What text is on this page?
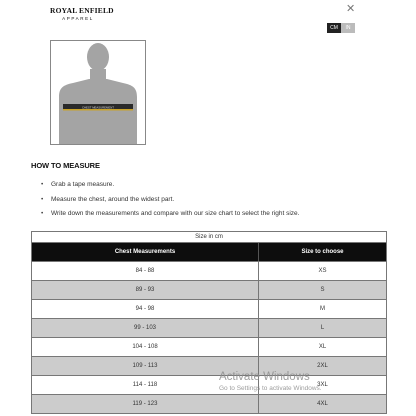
ROYAL ENFIELD
APPAREL
✕
CM	IN
CHEST MEASUREMENT
HOW TO MEASURE
• Grab a tape measure.
• Measure the chest, around the widest part.
• Write down the measurements and compare with our size chart to select the right size.
Size in cm
Chest Measurements	Size to choose
84 - 88	XS
89 - 93	S
94 - 98	M
99 - 103	L
104 - 108	XL
109 - 113	2XL
114 - 118	3XL
119 - 123	4XL
Activate Windows
Go to Settings to activate Windows.
